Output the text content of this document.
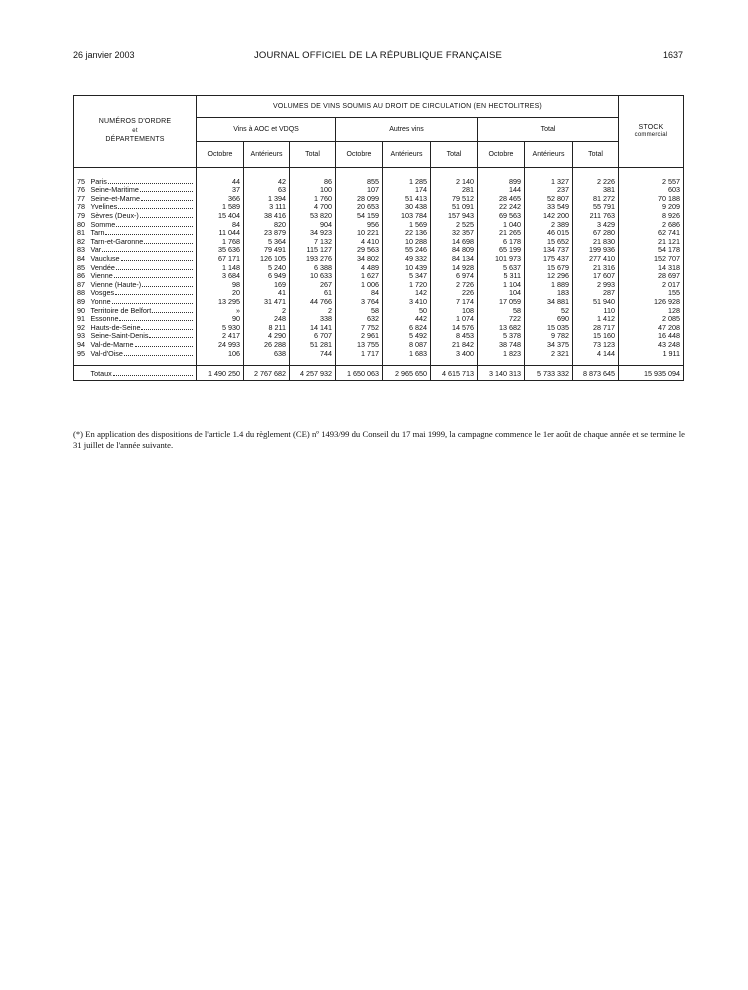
26 janvier 2003	JOURNAL OFFICIEL DE LA RÉPUBLIQUE FRANÇAISE	1637
NUMÉROS D'ORDRE
et
DÉPARTEMENTS		VOLUMES DE VINS SOUMIS AU DROIT DE CIRCULATION (EN HECTOLITRES)									STOCK
commercial

		Vins à AOC et VDQS			Autres vins			Total			
		Octobre	Antérieurs	Total	Octobre	Antérieurs	Total	Octobre	Antérieurs	Total	

75	Paris	44	42	86	855	1 285	2 140	899	1 327	2 226	2 557
76	Seine-Maritime	37	63	100	107	174	281	144	237	381	603
77	Seine-et-Marne	366	1 394	1 760	28 099	51 413	79 512	28 465	52 807	81 272	70 188
78	Yvelines	1 589	3 111	4 700	20 653	30 438	51 091	22 242	33 549	55 791	9 209
79	Sèvres (Deux-)	15 404	38 416	53 820	54 159	103 784	157 943	69 563	142 200	211 763	8 926
80	Somme	84	820	904	956	1 569	2 525	1 040	2 389	3 429	2 686
81	Tarn	11 044	23 879	34 923	10 221	22 136	32 357	21 265	46 015	67 280	62 741
82	Tarn-et-Garonne	1 768	5 364	7 132	4 410	10 288	14 698	6 178	15 652	21 830	21 121
83	Var	35 636	79 491	115 127	29 563	55 246	84 809	65 199	134 737	199 936	54 178
84	Vaucluse	67 171	126 105	193 276	34 802	49 332	84 134	101 973	175 437	277 410	152 707
85	Vendée	1 148	5 240	6 388	4 489	10 439	14 928	5 637	15 679	21 316	14 318
86	Vienne	3 684	6 949	10 633	1 627	5 347	6 974	5 311	12 296	17 607	28 697
87	Vienne (Haute-)	98	169	267	1 006	1 720	2 726	1 104	1 889	2 993	2 017
88	Vosges	20	41	61	84	142	226	104	183	287	155
89	Yonne	13 295	31 471	44 766	3 764	3 410	7 174	17 059	34 881	51 940	126 928
90	Territoire de Belfort	»	2	2	58	50	108	58	52	110	128
91	Essonne	90	248	338	632	442	1 074	722	690	1 412	2 085
92	Hauts-de-Seine	5 930	8 211	14 141	7 752	6 824	14 576	13 682	15 035	28 717	47 208
93	Seine-Saint-Denis	2 417	4 290	6 707	2 961	5 492	8 453	5 378	9 782	15 160	16 448
94	Val-de-Marne	24 993	26 288	51 281	13 755	8 087	21 842	38 748	34 375	73 123	43 248
95	Val-d'Oise	106	638	744	1 717	1 683	3 400	1 823	2 321	4 144	1 911

	Totaux	1 490 250	2 767 682	4 257 932	1 650 063	2 965 650	4 615 713	3 140 313	5 733 332	8 873 645	15 935 094
(*) En application des dispositions de l'article 1.4 du règlement (CE) nº 1493/99 du Conseil du 17 mai 1999, la campagne commence le 1er août de chaque année et se termine le 31 juillet de l'année suivante.
